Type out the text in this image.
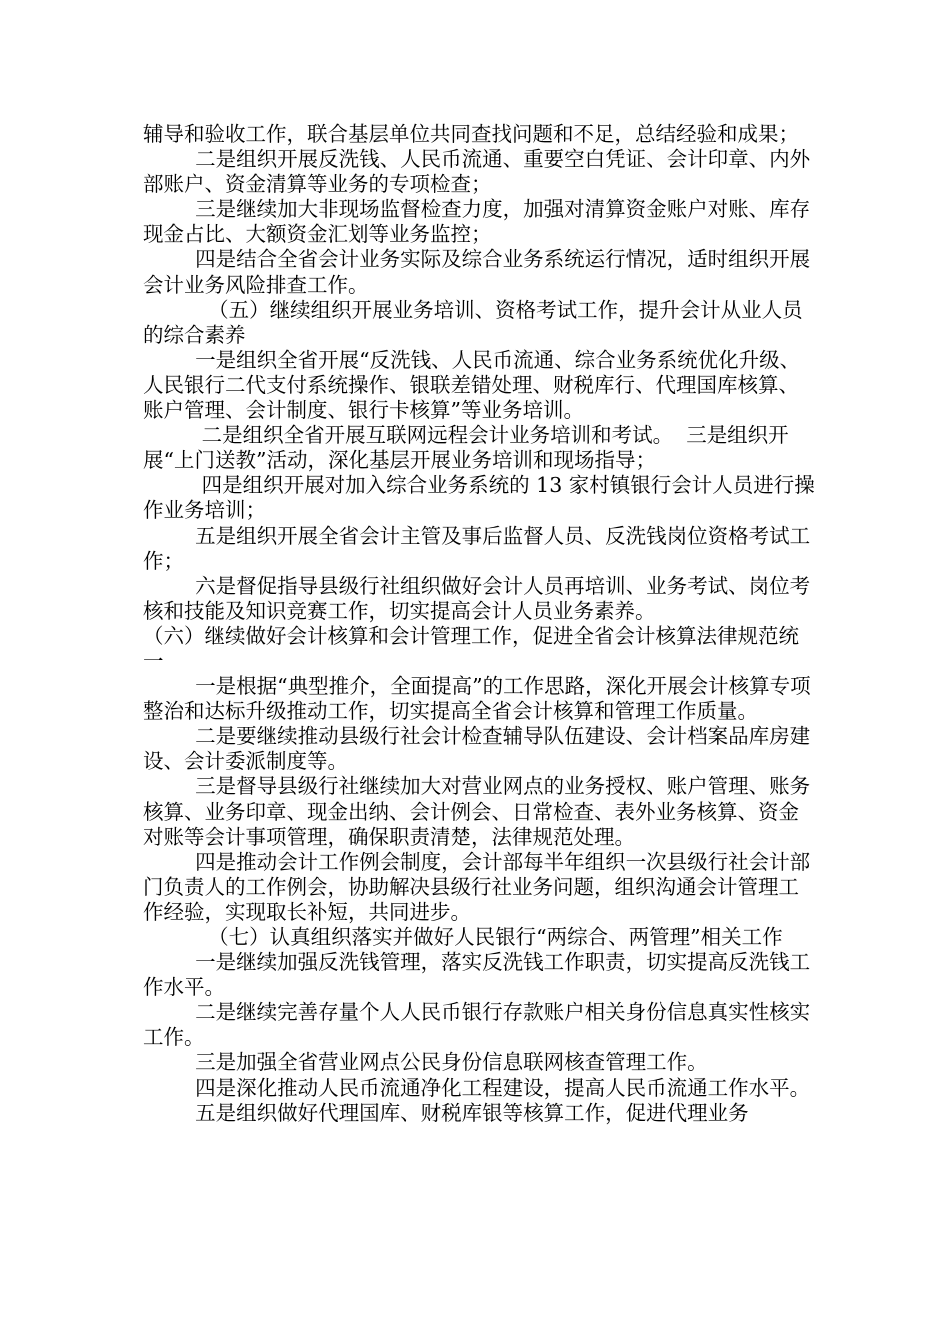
辅导和验收工作，联合基层单位共同查找问题和不足，总结经验和成果；

二是组织开展反洗钱、人民币流通、重要空白凭证、会计印章、内外部账户、资金清算等业务的专项检查；

三是继续加大非现场监督检查力度，加强对清算资金账户对账、库存现金占比、大额资金汇划等业务监控；

四是结合全省会计业务实际及综合业务系统运行情况，适时组织开展会计业务风险排查工作。

（五）继续组织开展业务培训、资格考试工作，提升会计从业人员的综合素养

一是组织全省开展“反洗钱、人民币流通、综合业务系统优化升级、人民银行二代支付系统操作、银联差错处理、财税库行、代理国库核算、账户管理、会计制度、银行卡核算”等业务培训。

二是组织全省开展互联网远程会计业务培训和考试。  三是组织开展“上门送教”活动，深化基层开展业务培训和现场指导；

四是组织开展对加入综合业务系统的 13 家村镇银行会计人员进行操作业务培训；

五是组织开展全省会计主管及事后监督人员、反洗钱岗位资格考试工作；

六是督促指导县级行社组织做好会计人员再培训、业务考试、岗位考核和技能及知识竞赛工作，切实提高会计人员业务素养。

（六）继续做好会计核算和会计管理工作，促进全省会计核算法律规范统一

一是根据“典型推介，全面提高”的工作思路，深化开展会计核算专项整治和达标升级推动工作，切实提高全省会计核算和管理工作质量。

二是要继续推动县级行社会计检查辅导队伍建设、会计档案品库房建设、会计委派制度等。

三是督导县级行社继续加大对营业网点的业务授权、账户管理、账务核算、业务印章、现金出纳、会计例会、日常检查、表外业务核算、资金对账等会计事项管理，确保职责清楚，法律规范处理。

四是推动会计工作例会制度，会计部每半年组织一次县级行社会计部门负责人的工作例会，协助解决县级行社业务问题，组织沟通会计管理工作经验，实现取长补短，共同进步。

（七）认真组织落实并做好人民银行“两综合、两管理”相关工作

一是继续加强反洗钱管理，落实反洗钱工作职责，切实提高反洗钱工作水平。

二是继续完善存量个人人民币银行存款账户相关身份信息真实性核实工作。

三是加强全省营业网点公民身份信息联网核查管理工作。

四是深化推动人民币流通净化工程建设，提高人民币流通工作水平。

五是组织做好代理国库、财税库银等核算工作，促进代理业务
